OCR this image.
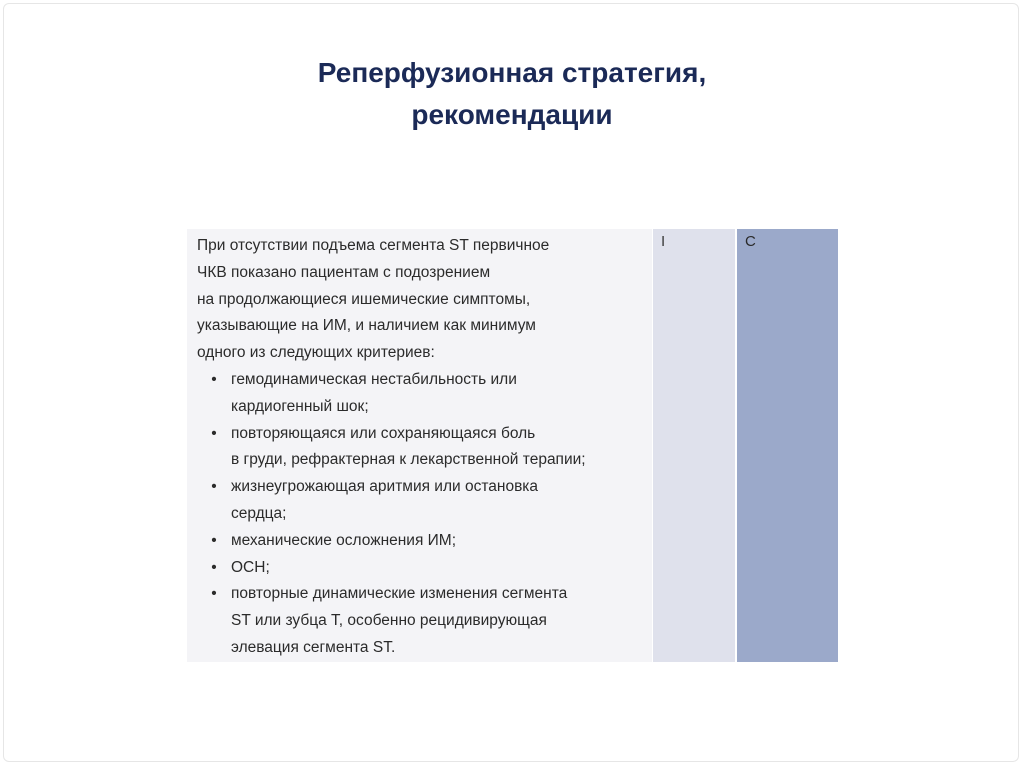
Реперфузионная стратегия,
рекомендации
При отсутствии подъема сегмента ST первичное
ЧКВ показано пациентам с подозрением
на продолжающиеся ишемические симптомы,
указывающие на ИМ, и наличием как минимум
одного из следующих критериев:
• гемодинамическая нестабильность или
кардиогенный шок;
• повторяющаяся или сохраняющаяся боль
в груди, рефрактерная к лекарственной терапии;
• жизнеугрожающая аритмия или остановка
сердца;
• механические осложнения ИМ;
• ОСН;
• повторные динамические изменения сегмента
ST или зубца T, особенно рецидивирующая
элевация сегмента ST.
I	C
